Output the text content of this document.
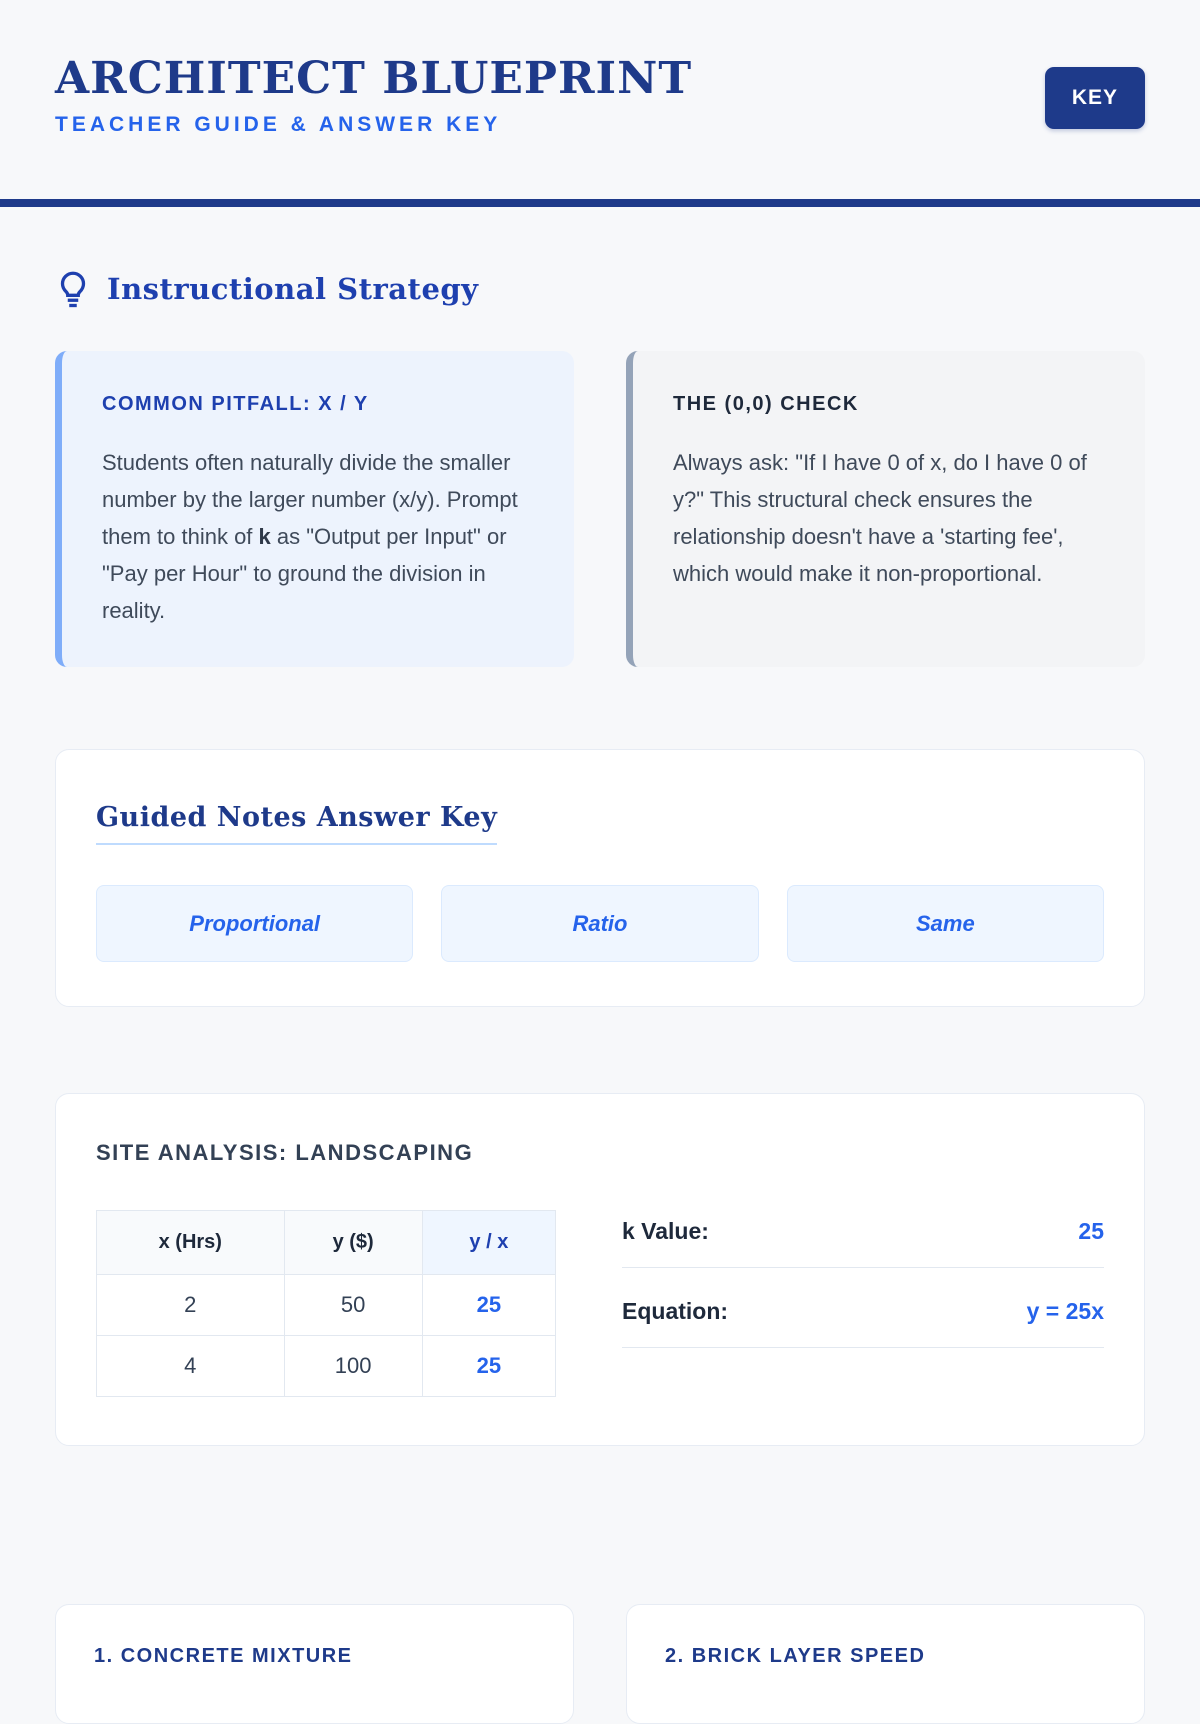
ARCHITECT BLUEPRINT
TEACHER GUIDE & ANSWER KEY
KEY
Instructional Strategy
COMMON PITFALL: X / Y
Students often naturally divide the smaller number by the larger number (x/y). Prompt them to think of k as "Output per Input" or "Pay per Hour" to ground the division in reality.
THE (0,0) CHECK
Always ask: "If I have 0 of x, do I have 0 of y?" This structural check ensures the relationship doesn't have a 'starting fee', which would make it non-proportional.
Guided Notes Answer Key
Proportional	Ratio	Same
SITE ANALYSIS: LANDSCAPING
x (Hrs)	y ($)	y / x
2	50	25
4	100	25
k Value:	25
Equation:	y = 25x
1. CONCRETE MIXTURE	2. BRICK LAYER SPEED
